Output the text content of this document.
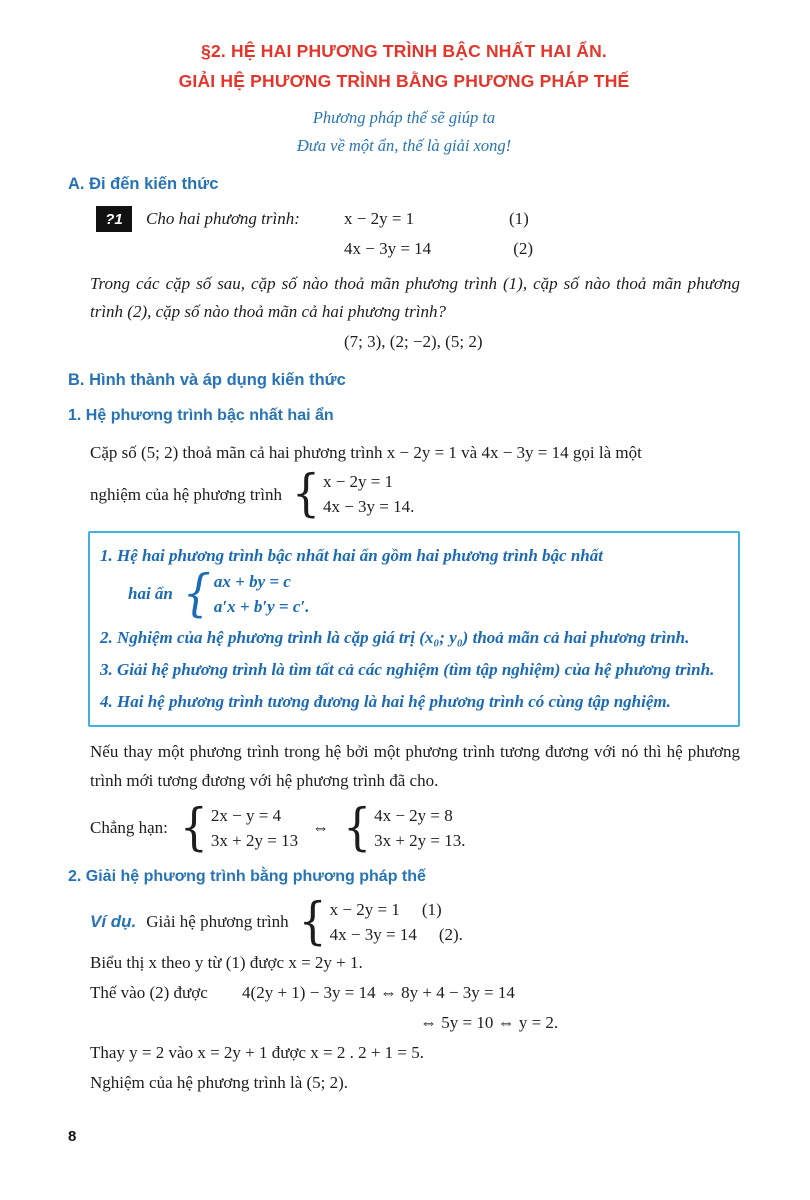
§2. HỆ HAI PHƯƠNG TRÌNH BẬC NHẤT HAI ẨN.
GIẢI HỆ PHƯƠNG TRÌNH BẰNG PHƯƠNG PHÁP THẾ
Phương pháp thế sẽ giúp ta
Đưa về một ẩn, thế là giải xong!
A. Đi đến kiến thức
?1	Cho hai phương trình:	x − 2y = 1	(1)
4x − 3y = 14	(2)
Trong các cặp số sau, cặp số nào thoả mãn phương trình (1), cặp số nào thoả mãn phương trình (2), cặp số nào thoả mãn cả hai phương trình?
(7; 3), (2; −2), (5; 2)
B. Hình thành và áp dụng kiến thức
1. Hệ phương trình bậc nhất hai ẩn
Cặp số (5; 2) thoả mãn cả hai phương trình x − 2y = 1 và 4x − 3y = 14 gọi là một
nghiệm của hệ phương trình { x − 2y = 1
4x − 3y = 14.
1. Hệ hai phương trình bậc nhất hai ẩn gồm hai phương trình bậc nhất
hai ẩn { ax + by = c
a′x + b′y = c′.
2. Nghiệm của hệ phương trình là cặp giá trị (x₀; y₀) thoả mãn cả hai phương trình.
3. Giải hệ phương trình là tìm tất cả các nghiệm (tìm tập nghiệm) của hệ phương trình.
4. Hai hệ phương trình tương đương là hai hệ phương trình có cùng tập nghiệm.
Nếu thay một phương trình trong hệ bởi một phương trình tương đương với nó thì hệ phương trình mới tương đương với hệ phương trình đã cho.
Chẳng hạn: { 2x − y = 4
3x + 2y = 13
⇔ { 4x − 2y = 8
3x + 2y = 13.
2. Giải hệ phương trình bằng phương pháp thế
Ví dụ. Giải hệ phương trình { x − 2y = 1 (1)
4x − 3y = 14 (2).
Biểu thị x theo y từ (1) được x = 2y + 1.
Thế vào (2) được 4(2y + 1) − 3y = 14 ⇔ 8y + 4 − 3y = 14
⇔ 5y = 10 ⇔ y = 2.
Thay y = 2 vào x = 2y + 1 được x = 2 . 2 + 1 = 5.
Nghiệm của hệ phương trình là (5; 2).
8
